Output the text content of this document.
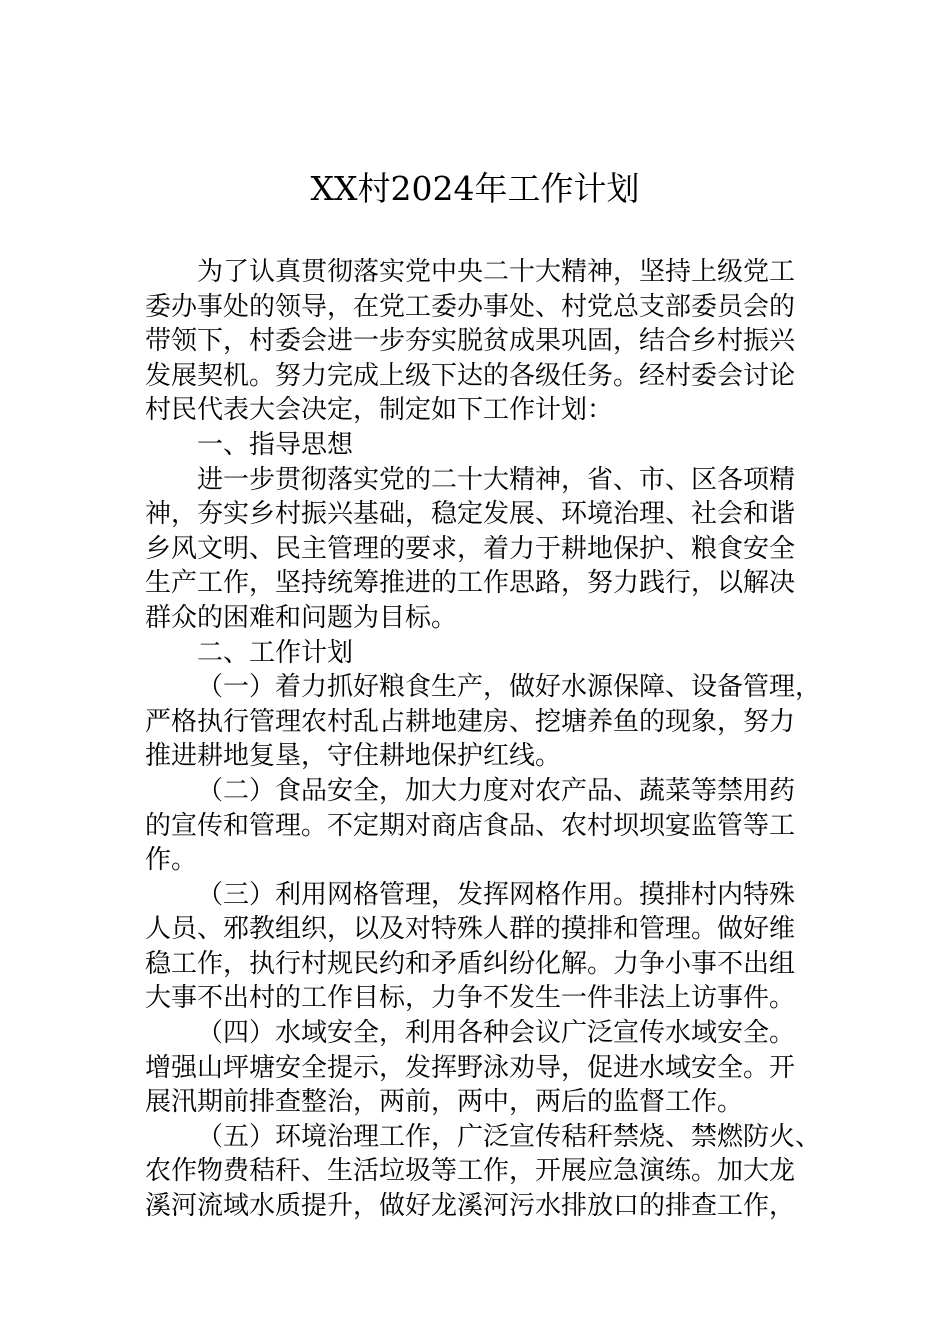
XX村2024年工作计划
为了认真贯彻落实党中央二十大精神，坚持上级党工
委办事处的领导，在党工委办事处、村党总支部委员会的
带领下，村委会进一步夯实脱贫成果巩固，结合乡村振兴
发展契机。努力完成上级下达的各级任务。经村委会讨论
村民代表大会决定，制定如下工作计划：
一、指导思想
进一步贯彻落实党的二十大精神，省、市、区各项精
神，夯实乡村振兴基础，稳定发展、环境治理、社会和谐
乡风文明、民主管理的要求，着力于耕地保护、粮食安全
生产工作，坚持统筹推进的工作思路，努力践行，以解决
群众的困难和问题为目标。
二、工作计划
（一）着力抓好粮食生产，做好水源保障、设备管理，
严格执行管理农村乱占耕地建房、挖塘养鱼的现象，努力
推进耕地复垦，守住耕地保护红线。
（二）食品安全，加大力度对农产品、蔬菜等禁用药
的宣传和管理。不定期对商店食品、农村坝坝宴监管等工
作。
（三）利用网格管理，发挥网格作用。摸排村内特殊
人员、邪教组织，以及对特殊人群的摸排和管理。做好维
稳工作，执行村规民约和矛盾纠纷化解。力争小事不出组
大事不出村的工作目标，力争不发生一件非法上访事件。
（四）水域安全，利用各种会议广泛宣传水域安全。
增强山坪塘安全提示，发挥野泳劝导，促进水域安全。开
展汛期前排查整治，两前，两中，两后的监督工作。
（五）环境治理工作，广泛宣传秸秆禁烧、禁燃防火、
农作物费秸秆、生活垃圾等工作，开展应急演练。加大龙
溪河流域水质提升，做好龙溪河污水排放口的排查工作，
